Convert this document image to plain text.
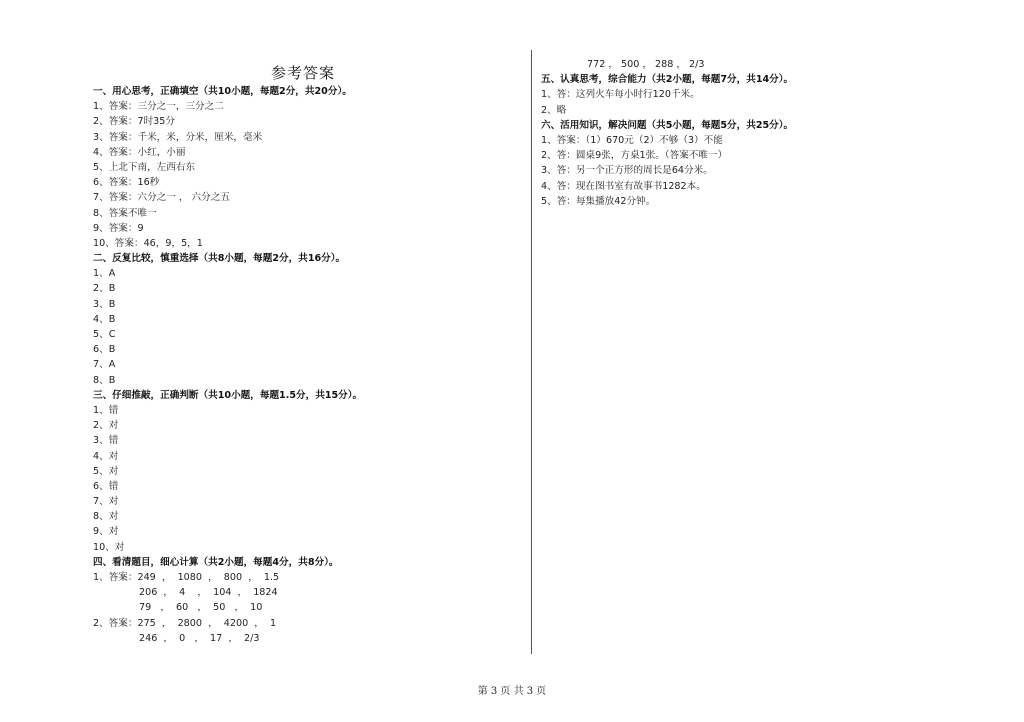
参考答案
一、用心思考，正确填空（共10小题，每题2分，共20分）。
1、答案：三分之一，三分之二
2、答案：7时35分
3、答案：千米，米，分米，厘米，毫米
4、答案：小红，小丽
5、上北下南，左西右东
6、答案：16秒
7、答案：六分之一 ， 六分之五
8、答案不唯一
9、答案：9
10、答案：46，9，5，1
二、反复比较，慎重选择（共8小题，每题2分，共16分）。
1、A
2、B
3、B
4、B
5、C
6、B
7、A
8、B
三、仔细推敲，正确判断（共10小题，每题1.5分，共15分）。
1、错
2、对
3、错
4、对
5、对
6、错
7、对
8、对
9、对
10、对
四、看清题目，细心计算（共2小题，每题4分，共8分）。
1、答案：249  ，  1080  ，  800  ，  1.5
206  ，  4    ，  104  ，  1824
79   ，  60   ，  50   ，  10
2、答案：275  ，  2800  ，  4200  ，  1
246  ，  0   ，  17  ，  2/3
772 ， 500 ， 288 ， 2/3
五、认真思考，综合能力（共2小题，每题7分，共14分）。
1、答：这列火车每小时行120千米。
2、略
六、活用知识，解决问题（共5小题，每题5分，共25分）。
1、答案：（1）670元（2）不够（3）不能
2、答：圆桌9张，方桌1张。（答案不唯一）
3、答：另一个正方形的周长是64分米。
4、答：现在图书室有故事书1282本。
5、答：每集播放42分钟。
第 3 页 共 3 页
